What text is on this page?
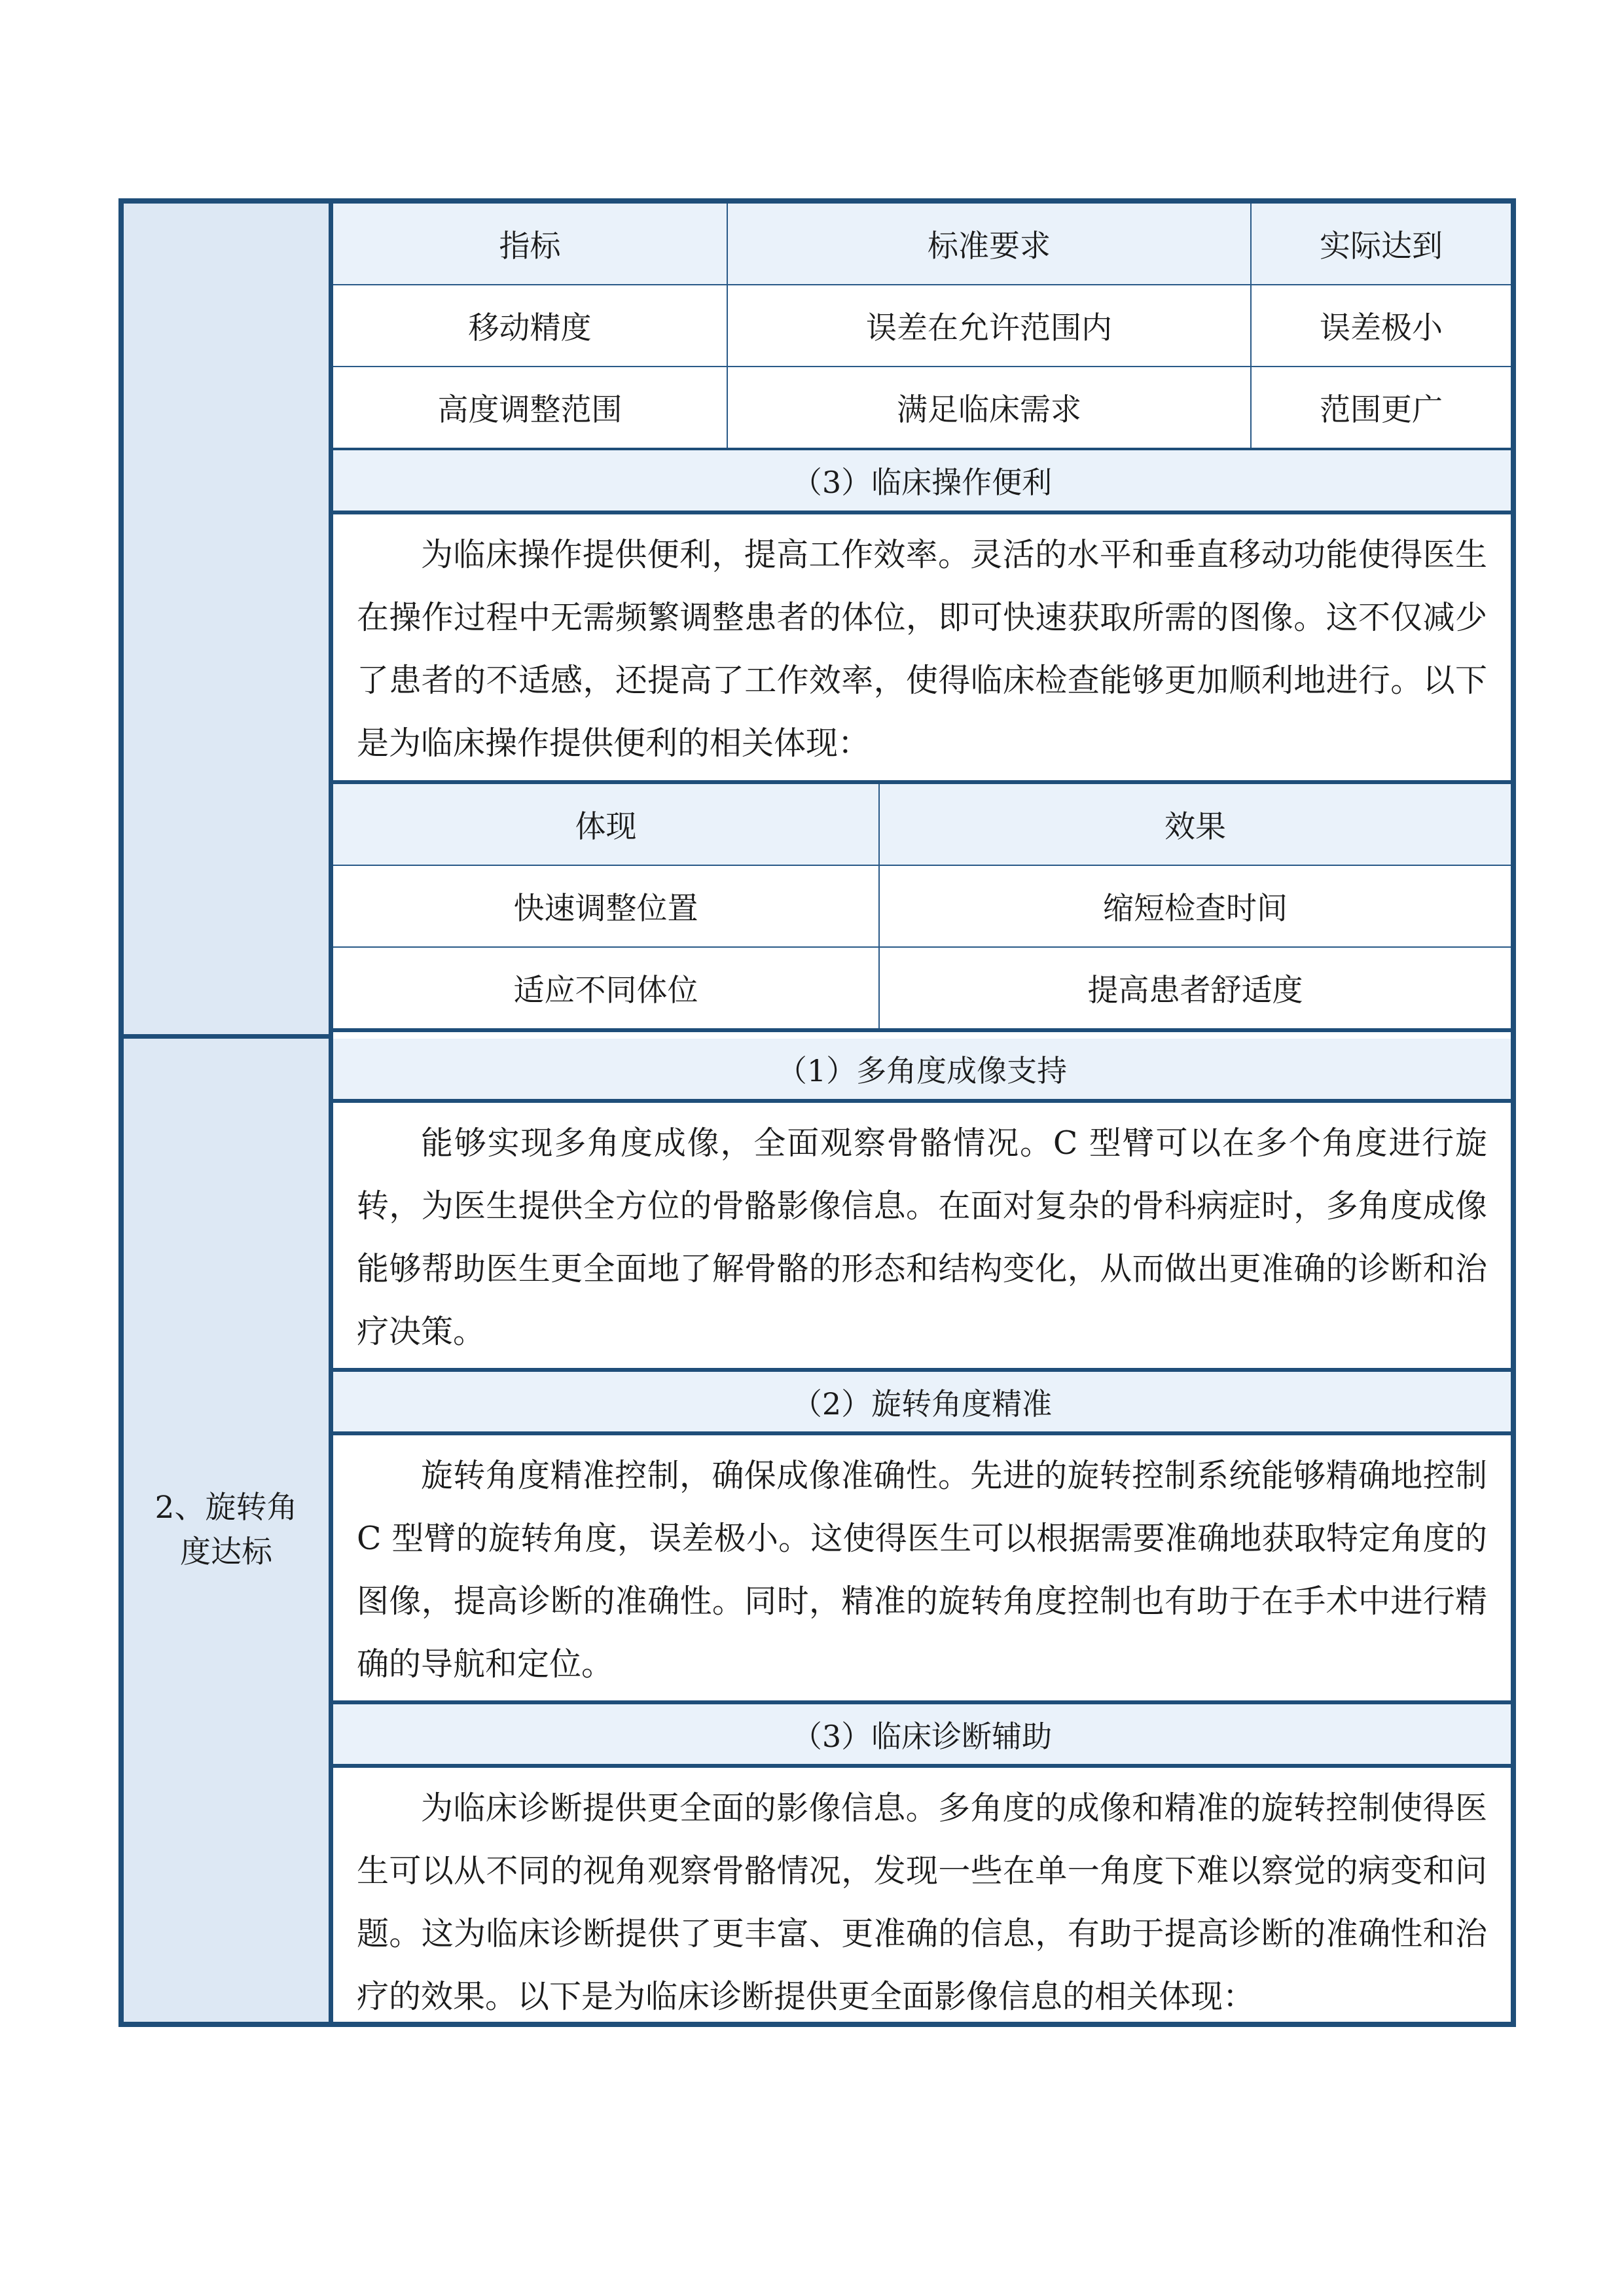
2、旋转角度达标
指标	标准要求	实际达到
移动精度	误差在允许范围内	误差极小
高度调整范围	满足临床需求	范围更广
（3）临床操作便利
为临床操作提供便利，提高工作效率。灵活的水平和垂直移动功能使得医生在操作过程中无需频繁调整患者的体位，即可快速获取所需的图像。这不仅减少了患者的不适感，还提高了工作效率，使得临床检查能够更加顺利地进行。以下是为临床操作提供便利的相关体现：
体现	效果
快速调整位置	缩短检查时间
适应不同体位	提高患者舒适度
（1）多角度成像支持
能够实现多角度成像，全面观察骨骼情况。C 型臂可以在多个角度进行旋转，为医生提供全方位的骨骼影像信息。在面对复杂的骨科病症时，多角度成像能够帮助医生更全面地了解骨骼的形态和结构变化，从而做出更准确的诊断和治疗决策。
（2）旋转角度精准
旋转角度精准控制，确保成像准确性。先进的旋转控制系统能够精确地控制 C 型臂的旋转角度，误差极小。这使得医生可以根据需要准确地获取特定角度的图像，提高诊断的准确性。同时，精准的旋转角度控制也有助于在手术中进行精确的导航和定位。
（3）临床诊断辅助
为临床诊断提供更全面的影像信息。多角度的成像和精准的旋转控制使得医生可以从不同的视角观察骨骼情况，发现一些在单一角度下难以察觉的病变和问题。这为临床诊断提供了更丰富、更准确的信息，有助于提高诊断的准确性和治疗的效果。以下是为临床诊断提供更全面影像信息的相关体现：
